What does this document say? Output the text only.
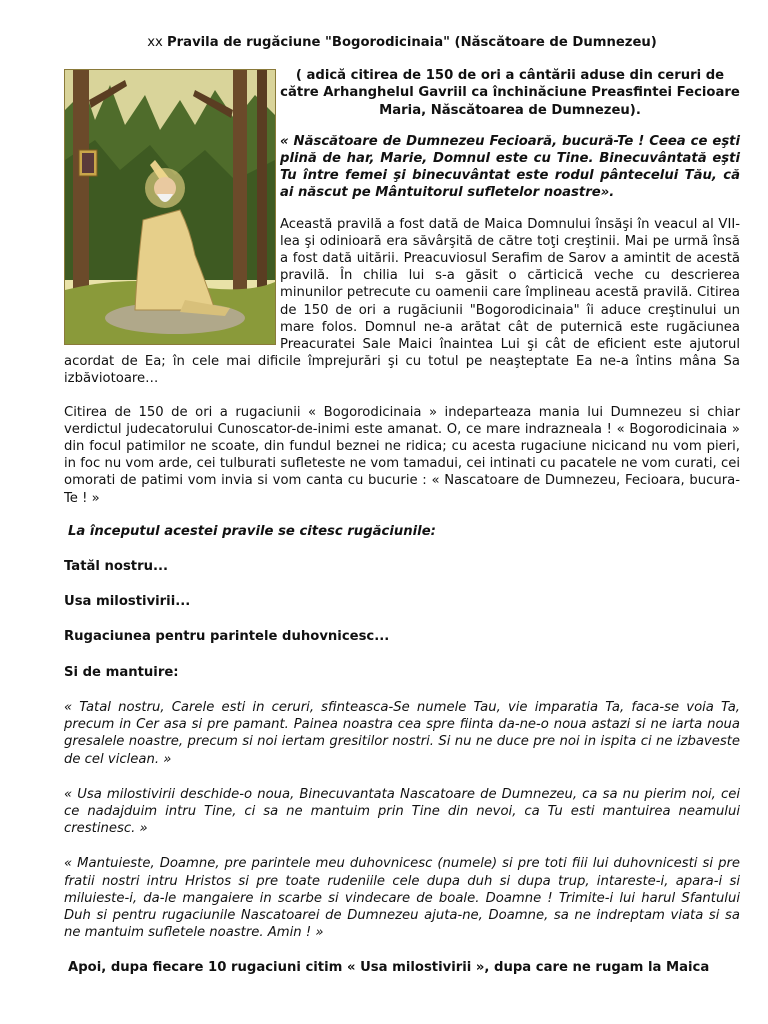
xx Pravila de rugăciune "Bogorodicinaia" (Născătoare de Dumnezeu)
( adică citirea de 150 de ori a cântării aduse din ceruri de către Arhanghelul Gavriil ca închinăciune Preasfintei Fecioare Maria, Născătoarea de Dumnezeu).
« Născătoare de Dumnezeu Fecioară, bucură-Te ! Ceea ce eşti plină de har, Marie, Domnul este cu Tine. Binecuvântată eşti Tu între femei şi binecuvântat este rodul pântecelui Tău, că ai născut pe Mântuitorul sufletelor noastre».

Această pravilă a fost dată de Maica Domnului însăşi în veacul al VII-lea şi odinioară era săvârşită de către toţi creştinii. Mai pe urmă însă a fost dată uitării. Preacuviosul Serafim de Sarov a amintit de acestă pravilă. În chilia lui s-a găsit o cărticică veche cu descrierea minunilor petrecute cu oamenii care împlineau acestă pravilă. Citirea de 150 de ori a rugăciunii "Bogorodicinaia" îi aduce creştinului un mare folos. Domnul ne-a arătat cât de puternică este rugăciunea Preacuratei Sale Maici înaintea Lui şi cât de eficient este ajutorul acordat de Ea; în cele mai dificile împrejurări şi cu totul pe neaşteptate Ea ne-a întins mâna Sa izbăviotoare…

Citirea de 150 de ori a rugaciunii « Bogorodicinaia » indeparteaza mania lui Dumnezeu si chiar verdictul judecatorului Cunoscator-de-inimi este amanat. O, ce mare indrazneala ! « Bogorodicinaia » din focul patimilor ne scoate, din fundul beznei ne ridica; cu acesta rugaciune nicicand nu vom pieri, in foc nu vom arde, cei tulburati sufleteste ne vom tamadui, cei intinati cu pacatele ne vom curati, cei omorati de patimi vom invia si vom canta cu bucurie : « Nascatoare de Dumnezeu, Fecioara, bucura-Te ! »

La începutul acestei pravile se citesc rugăciunile:
Tatăl nostru...
Usa milostivirii...
Rugaciunea pentru parintele duhovnicesc...
Si de mantuire:
« Tatal nostru, Carele esti in ceruri, sfinteasca-Se numele Tau, vie imparatia Ta, faca-se voia Ta, precum in Cer asa si pre pamant. Painea noastra cea spre fiinta da-ne-o noua astazi si ne iarta noua gresalele noastre, precum si noi iertam gresitilor nostri. Si nu ne duce pre noi in ispita ci ne izbaveste de cel viclean. »
« Usa milostivirii deschide-o noua, Binecuvantata Nascatoare de Dumnezeu, ca sa nu pierim noi, cei ce nadajduim intru Tine, ci sa ne mantuim prin Tine din nevoi, ca Tu esti mantuirea neamului crestinesc. »
« Mantuieste, Doamne, pre parintele meu duhovnicesc (numele) si pre toti fiii lui duhovnicesti si pre fratii nostri intru Hristos si pre toate rudeniile cele dupa duh si dupa trup, intareste-i, apara-i si miluieste-i, da-le mangaiere in scarbe si vindecare de boale. Doamne ! Trimite-i lui harul Sfantului Duh si pentru rugaciunile Nascatoarei de Dumnezeu ajuta-ne, Doamne, sa ne indreptam viata si sa ne mantuim sufletele noastre. Amin ! »
Apoi, dupa fiecare 10 rugaciuni citim « Usa milostivirii », dupa care ne rugam la Maica
